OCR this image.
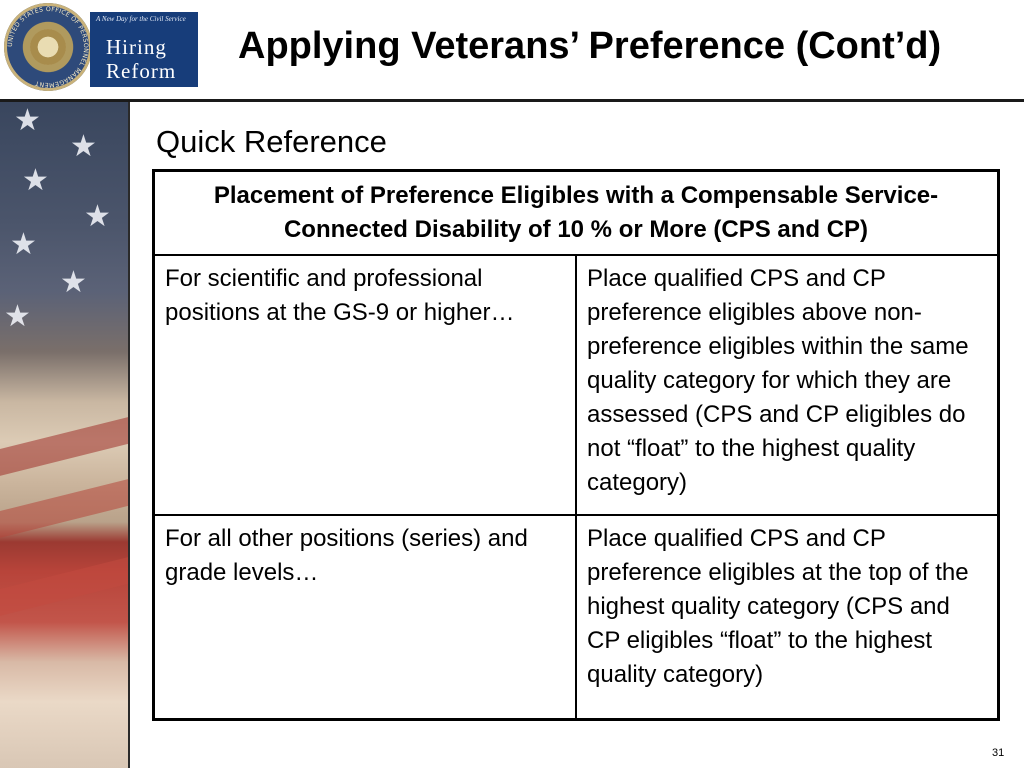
UNITED STATES OFFICE OF PERSONNEL MANAGEMENT
A New Day for the Civil Service
Hiring
Reform
Applying Veterans’ Preference (Cont’d)
★
★
★
★
★
★
★
Quick Reference
Placement of Preference Eligibles with a Compensable Service-Connected Disability of 10 % or More (CPS and CP)	

For scientific and professional positions at the GS-9 or higher…	Place qualified CPS and CP preference eligibles above non-preference eligibles within the same quality category for which they are assessed (CPS and CP eligibles do not “float” to the highest quality category)

For all other positions (series) and grade levels…	Place qualified CPS and CP preference eligibles at the top of the highest quality category (CPS and CP eligibles “float” to the highest quality category)
31
